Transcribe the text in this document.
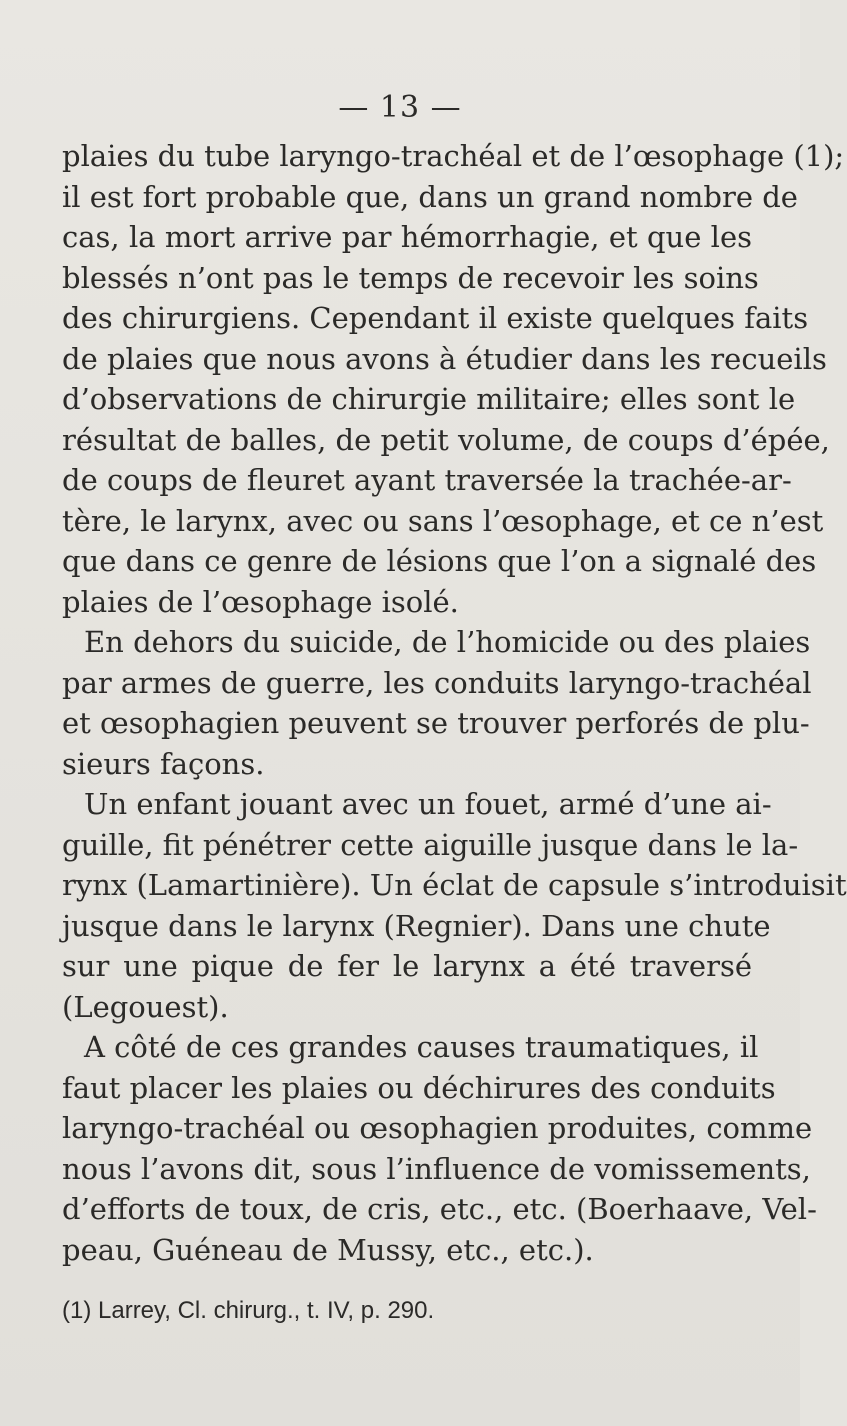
— 13 —
plaies du tube laryngo-trachéal et de l’œsophage (1);
il est fort probable que, dans un grand nombre de
cas, la mort arrive par hémorrhagie, et que les
blessés n’ont pas le temps de recevoir les soins
des chirurgiens. Cependant il existe quelques faits
de plaies que nous avons à étudier dans les recueils
d’observations de chirurgie militaire; elles sont le
résultat de balles, de petit volume, de coups d’épée,
de coups de fleuret ayant traversée la trachée-ar-
tère, le larynx, avec ou sans l’œsophage, et ce n’est
que dans ce genre de lésions que l’on a signalé des
plaies de l’œsophage isolé.
En dehors du suicide, de l’homicide ou des plaies
par armes de guerre, les conduits laryngo-trachéal
et œsophagien peuvent se trouver perforés de plu-
sieurs façons.
Un enfant jouant avec un fouet, armé d’une ai-
guille, fit pénétrer cette aiguille jusque dans le la-
rynx (Lamartinière). Un éclat de capsule s’introduisit
jusque dans le larynx (Regnier). Dans une chute
sur une pique de fer le larynx a été traversé
(Legouest).
A côté de ces grandes causes traumatiques, il
faut placer les plaies ou déchirures des conduits
laryngo-trachéal ou œsophagien produites, comme
nous l’avons dit, sous l’influence de vomissements,
d’efforts de toux, de cris, etc., etc. (Boerhaave, Vel-
peau, Guéneau de Mussy, etc., etc.).
(1) Larrey, Cl. chirurg., t. IV, p. 290.
